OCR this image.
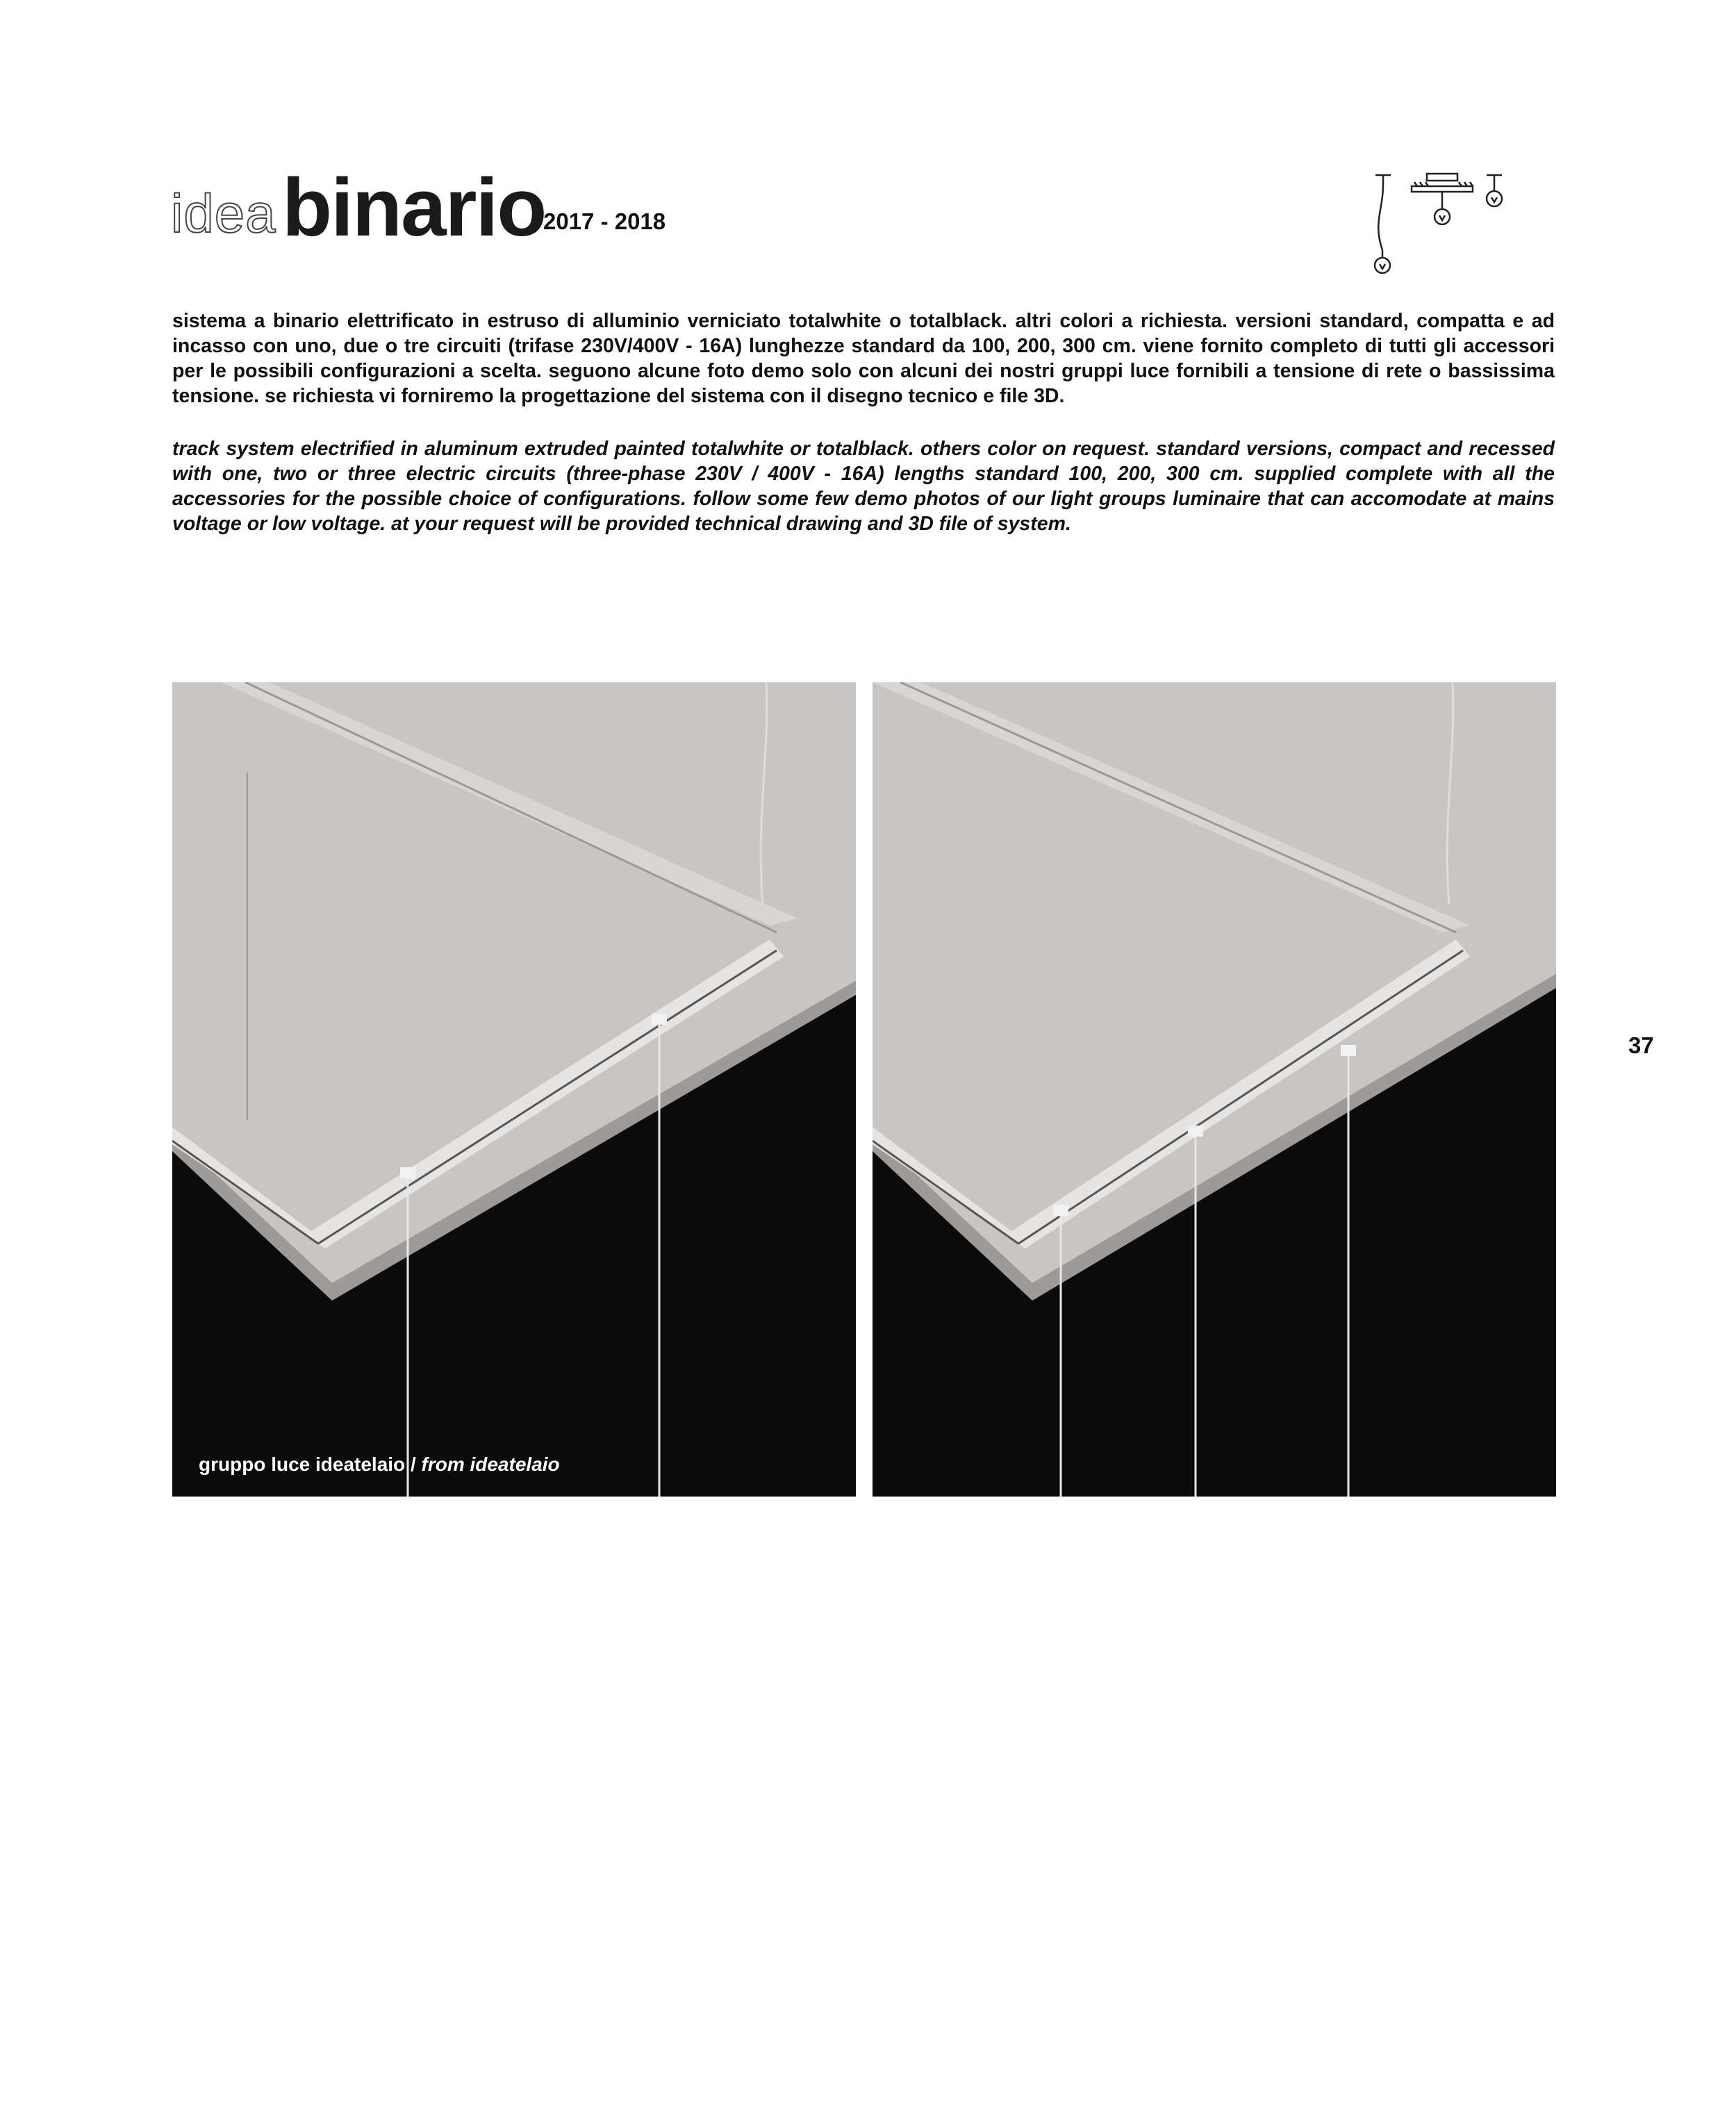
idea binario
2017 - 2018
sistema a binario elettrificato in estruso di alluminio verniciato totalwhite o totalblack. altri colori a richiesta. versioni standard, compatta e ad incasso con uno, due o tre circuiti (trifase 230V/400V - 16A) lunghezze standard da 100, 200, 300 cm. viene fornito completo di tutti gli accessori per le possibili configurazioni a scelta. seguono alcune foto demo solo con alcuni dei nostri gruppi luce fornibili a tensione di rete o bassissima tensione. se richiesta vi forniremo la progettazione del sistema con il disegno tecnico e file 3D.
track system electrified in aluminum extruded painted totalwhite or totalblack. others color on request. standard versions, compact and recessed with one, two or three electric circuits (three-phase 230V / 400V - 16A) lengths standard 100, 200, 300 cm. supplied complete with all the accessories for the possible choice of configurations. follow some few demo photos of our light groups luminaire that can accomodate at mains voltage or low voltage. at your request will be provided technical drawing and 3D file of system.
gruppo luce ideatelaio / from ideatelaio
37
